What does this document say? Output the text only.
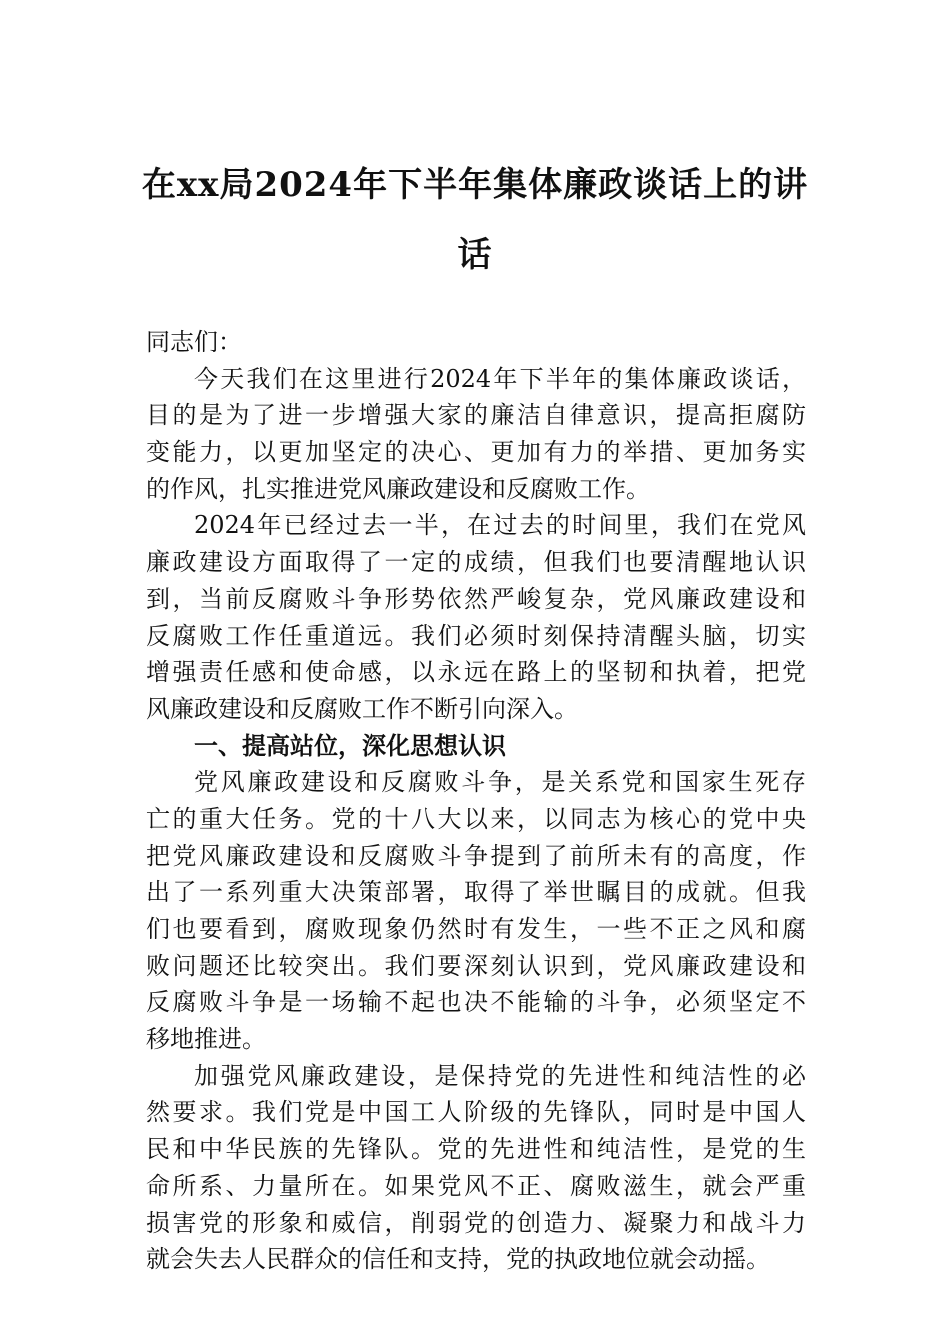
在xx局2024年下半年集体廉政谈话上的讲
话
同志们：
今天我们在这里进行2024年下半年的集体廉政谈话，
目的是为了进一步增强大家的廉洁自律意识，提高拒腐防
变能力，以更加坚定的决心、更加有力的举措、更加务实
的作风，扎实推进党风廉政建设和反腐败工作。
2024年已经过去一半，在过去的时间里，我们在党风
廉政建设方面取得了一定的成绩，但我们也要清醒地认识
到，当前反腐败斗争形势依然严峻复杂，党风廉政建设和
反腐败工作任重道远。我们必须时刻保持清醒头脑，切实
增强责任感和使命感，以永远在路上的坚韧和执着，把党
风廉政建设和反腐败工作不断引向深入。
一、提高站位，深化思想认识
党风廉政建设和反腐败斗争，是关系党和国家生死存
亡的重大任务。党的十八大以来，以同志为核心的党中央
把党风廉政建设和反腐败斗争提到了前所未有的高度，作
出了一系列重大决策部署，取得了举世瞩目的成就。但我
们也要看到，腐败现象仍然时有发生，一些不正之风和腐
败问题还比较突出。我们要深刻认识到，党风廉政建设和
反腐败斗争是一场输不起也决不能输的斗争，必须坚定不
移地推进。
加强党风廉政建设，是保持党的先进性和纯洁性的必
然要求。我们党是中国工人阶级的先锋队，同时是中国人
民和中华民族的先锋队。党的先进性和纯洁性，是党的生
命所系、力量所在。如果党风不正、腐败滋生，就会严重
损害党的形象和威信，削弱党的创造力、凝聚力和战斗力
就会失去人民群众的信任和支持，党的执政地位就会动摇。
